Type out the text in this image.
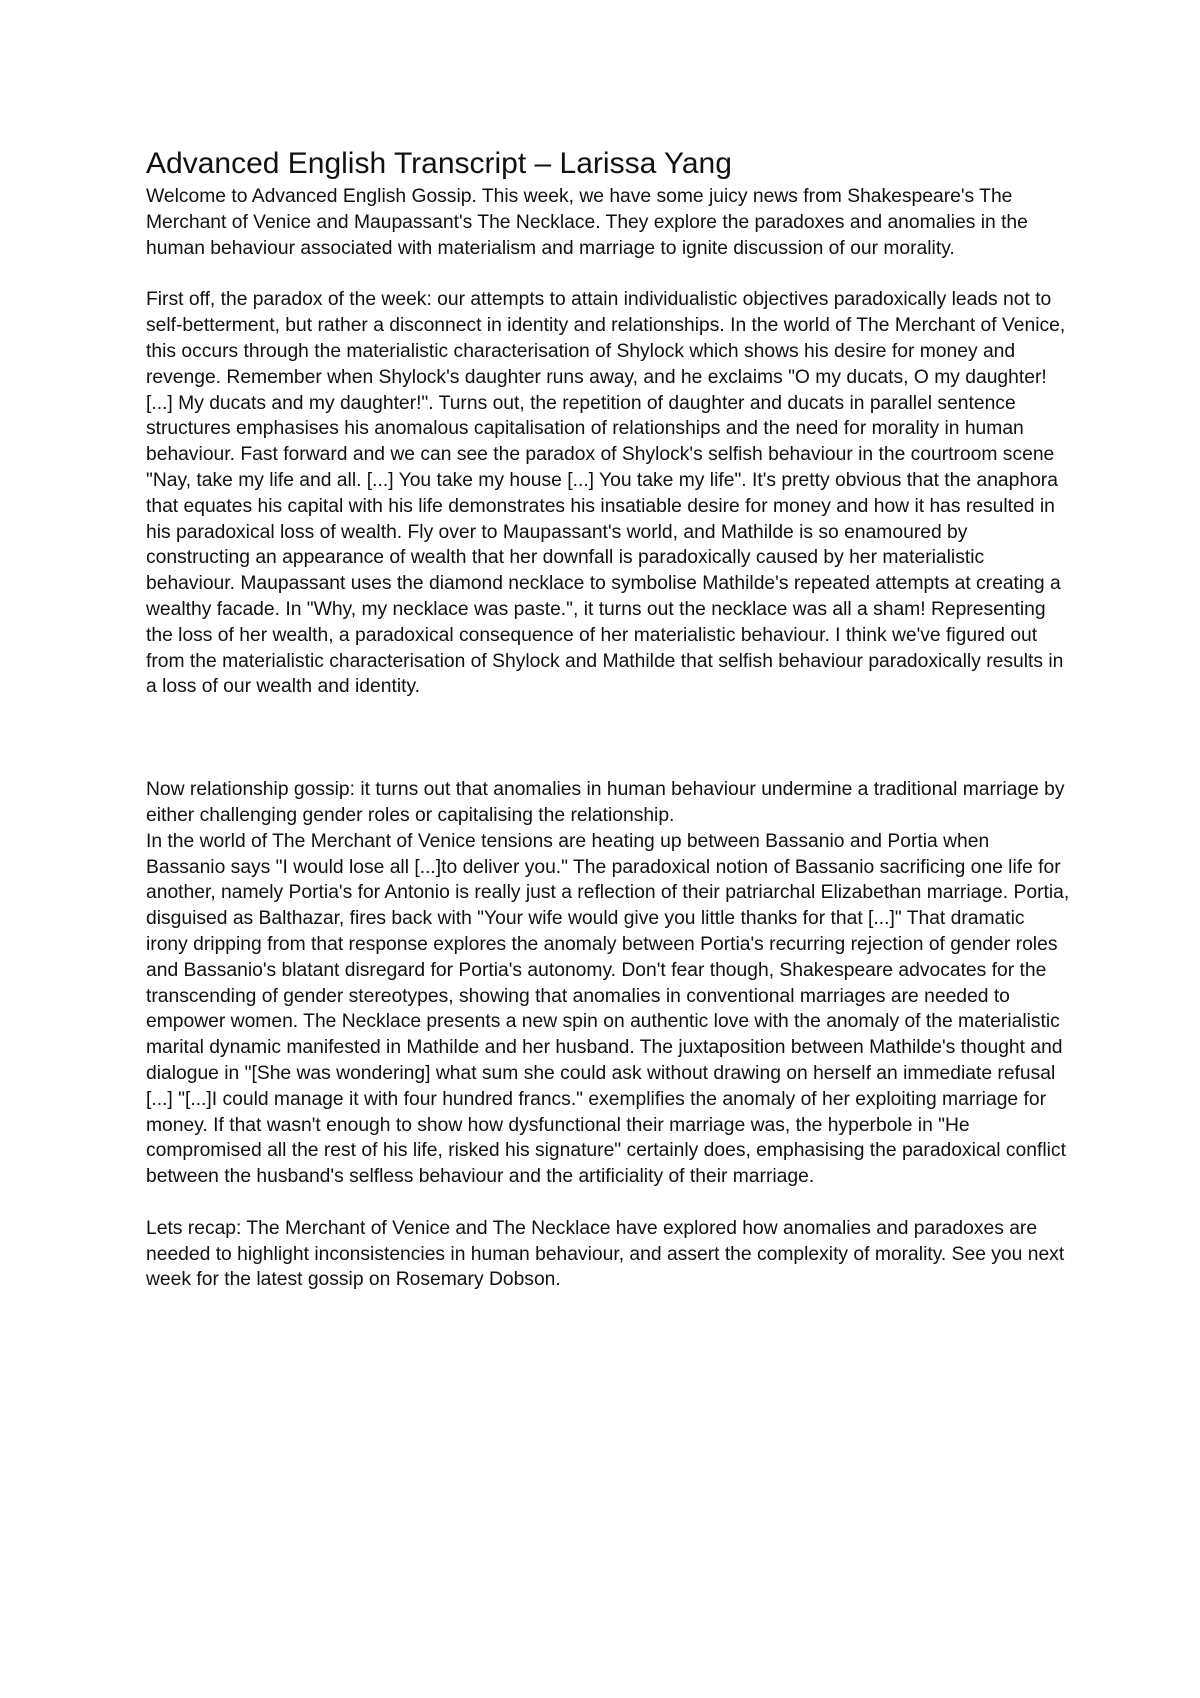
Advanced English Transcript – Larissa Yang

Welcome to Advanced English Gossip. This week, we have some juicy news from Shakespeare's The Merchant of Venice and Maupassant's The Necklace. They explore the paradoxes and anomalies in the human behaviour associated with materialism and marriage to ignite discussion of our morality.

First off, the paradox of the week: our attempts to attain individualistic objectives paradoxically leads not to self-betterment, but rather a disconnect in identity and relationships. In the world of The Merchant of Venice, this occurs through the materialistic characterisation of Shylock which shows his desire for money and revenge. Remember when Shylock's daughter runs away, and he exclaims "O my ducats, O my daughter! [...] My ducats and my daughter!". Turns out, the repetition of daughter and ducats in parallel sentence structures emphasises his anomalous capitalisation of relationships and the need for morality in human behaviour. Fast forward and we can see the paradox of Shylock's selfish behaviour in the courtroom scene "Nay, take my life and all. [...] You take my house [...] You take my life". It's pretty obvious that the anaphora that equates his capital with his life demonstrates his insatiable desire for money and how it has resulted in his paradoxical loss of wealth. Fly over to Maupassant's world, and Mathilde is so enamoured by constructing an appearance of wealth that her downfall is paradoxically caused by her materialistic behaviour. Maupassant uses the diamond necklace to symbolise Mathilde's repeated attempts at creating a wealthy facade. In "Why, my necklace was paste.", it turns out the necklace was all a sham! Representing the loss of her wealth, a paradoxical consequence of her materialistic behaviour. I think we've figured out from the materialistic characterisation of Shylock and Mathilde that selfish behaviour paradoxically results in a loss of our wealth and identity.

Now relationship gossip: it turns out that anomalies in human behaviour undermine a traditional marriage by either challenging gender roles or capitalising the relationship.

In the world of The Merchant of Venice tensions are heating up between Bassanio and Portia when Bassanio says "I would lose all [...]to deliver you." The paradoxical notion of Bassanio sacrificing one life for another, namely Portia's for Antonio is really just a reflection of their patriarchal Elizabethan marriage. Portia, disguised as Balthazar, fires back with "Your wife would give you little thanks for that [...]" That dramatic irony dripping from that response explores the anomaly between Portia's recurring rejection of gender roles and Bassanio's blatant disregard for Portia's autonomy. Don't fear though, Shakespeare advocates for the transcending of gender stereotypes, showing that anomalies in conventional marriages are needed to empower women. The Necklace presents a new spin on authentic love with the anomaly of the materialistic marital dynamic manifested in Mathilde and her husband. The juxtaposition between Mathilde's thought and dialogue in "[She was wondering] what sum she could ask without drawing on herself an immediate refusal [...] "[...]I could manage it with four hundred francs." exemplifies the anomaly of her exploiting marriage for money. If that wasn't enough to show how dysfunctional their marriage was, the hyperbole in "He compromised all the rest of his life, risked his signature" certainly does, emphasising the paradoxical conflict between the husband's selfless behaviour and the artificiality of their marriage.

Lets recap: The Merchant of Venice and The Necklace have explored how anomalies and paradoxes are needed to highlight inconsistencies in human behaviour, and assert the complexity of morality. See you next week for the latest gossip on Rosemary Dobson.
